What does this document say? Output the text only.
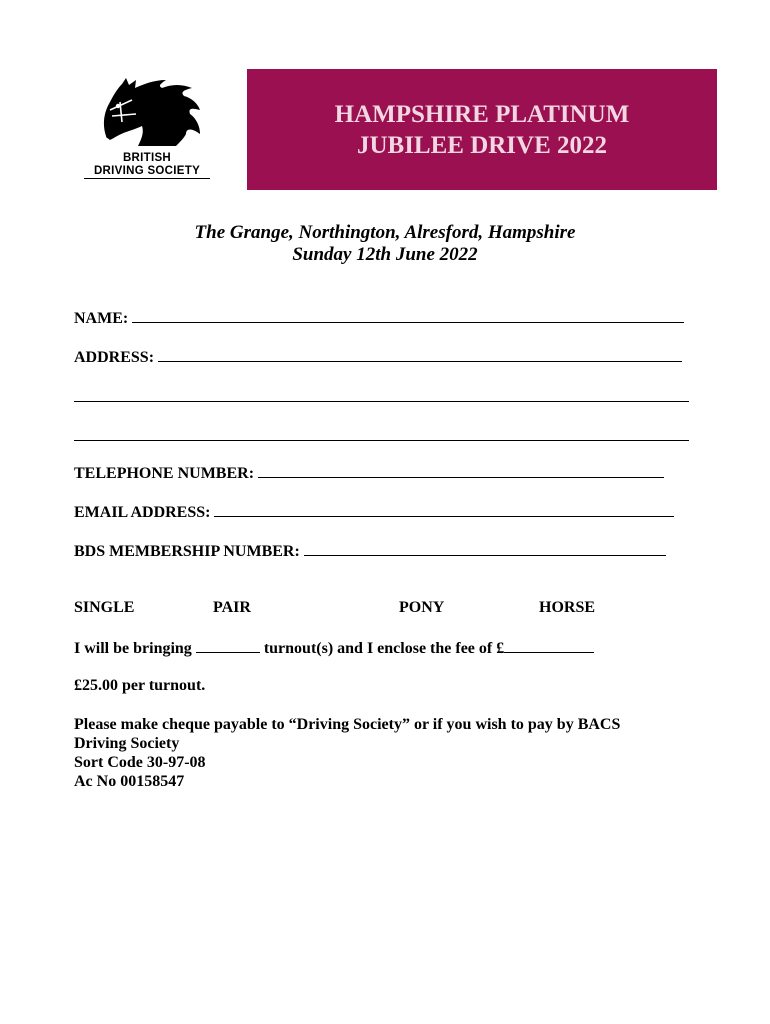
BRITISH
DRIVING SOCIETY
HAMPSHIRE PLATINUM
JUBILEE DRIVE 2022
The Grange, Northington, Alresford, Hampshire
Sunday 12th June 2022
NAME:
ADDRESS:
TELEPHONE NUMBER:
EMAIL ADDRESS:
BDS MEMBERSHIP NUMBER:
SINGLE	PAIR	PONY	HORSE
I will be bringing	turnout(s) and I enclose the fee of £
£25.00 per turnout.
Please make cheque payable to “Driving Society” or if you wish to pay by BACS
Driving Society
Sort Code 30-97-08
Ac No 00158547
